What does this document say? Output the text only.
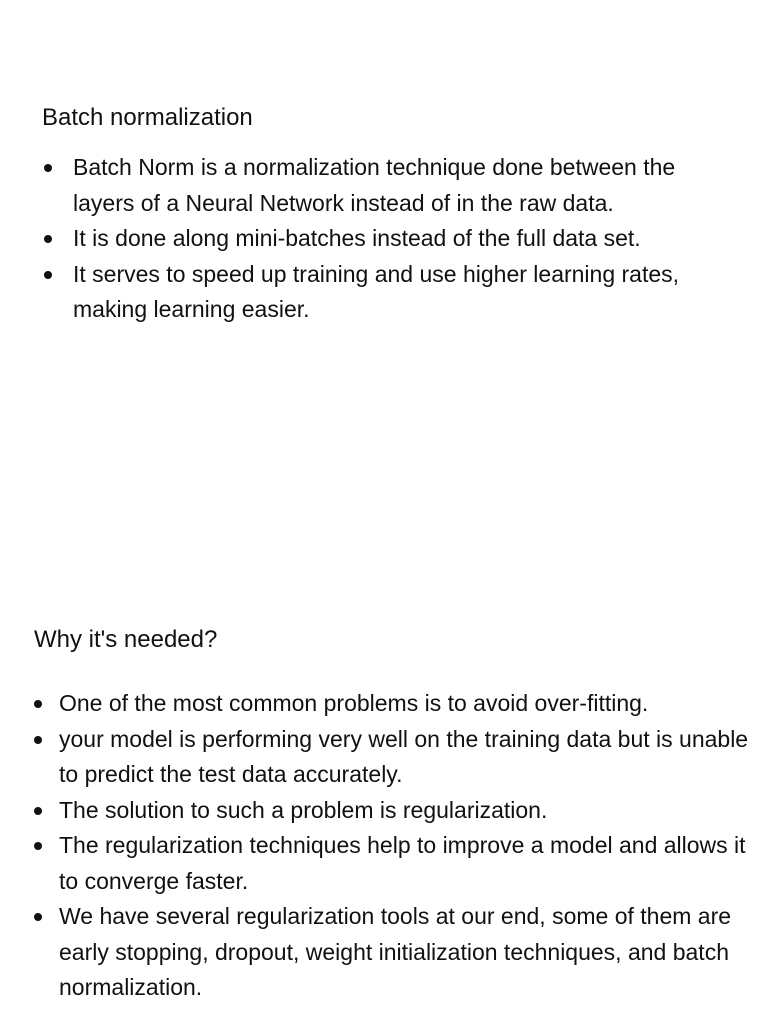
Batch normalization
Batch Norm is a normalization technique done between the layers of a Neural Network instead of in the raw data.
It is done along mini-batches instead of the full data set.
It serves to speed up training and use higher learning rates, making learning easier.
Why it's needed?
One of the most common problems is to avoid over-fitting.
your model is performing very well on the training data but is unable to predict the test data accurately.
The solution to such a problem is regularization.
The regularization techniques help to improve a model and allows it to converge faster.
We have several regularization tools at our end, some of them are early stopping, dropout, weight initialization techniques, and batch normalization.
